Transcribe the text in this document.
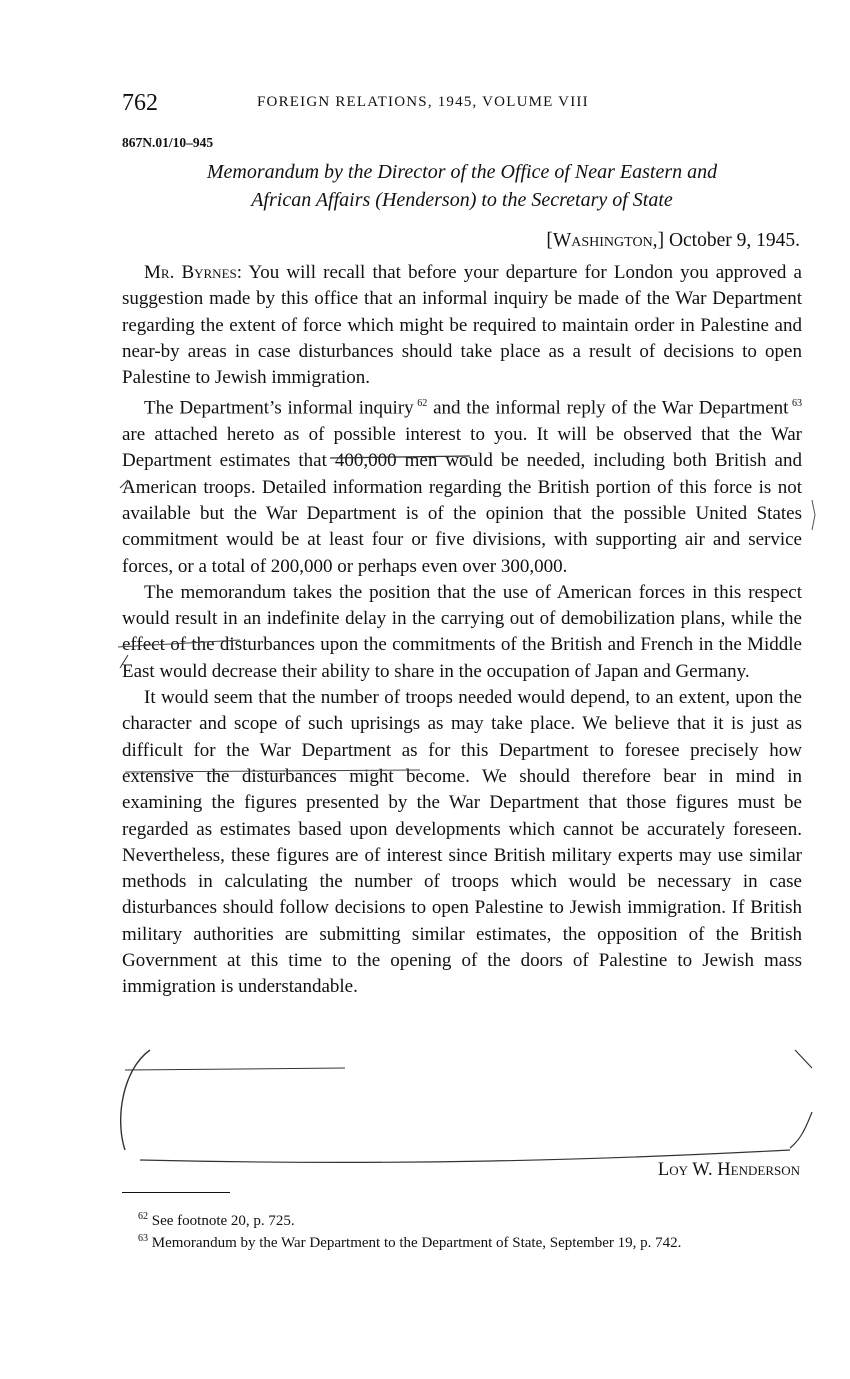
762	FOREIGN RELATIONS, 1945, VOLUME VIII
867N.01/10–945
Memorandum by the Director of the Office of Near Eastern and
African Affairs (Henderson) to the Secretary of State
[Washington,] October 9, 1945.

Mr. Byrnes: You will recall that before your departure for London you approved a suggestion made by this office that an informal inquiry be made of the War Department regarding the extent of force which might be required to maintain order in Palestine and near-by areas in case disturbances should take place as a result of decisions to open Palestine to Jewish immigration.

The Department’s informal inquiry $^{62}$ and the informal reply of the War Department $^{63}$ are attached hereto as of possible interest to you. It will be observed that the War Department estimates that 400,000 men would be needed, including both British and American troops. Detailed information regarding the British portion of this force is not available but the War Department is of the opinion that the possible United States commitment would be at least four or five divisions, with supporting air and service forces, or a total of 200,000 or perhaps even over 300,000.

The memorandum takes the position that the use of American forces in this respect would result in an indefinite delay in the carrying out of demobilization plans, while the effect of the disturbances upon the commitments of the British and French in the Middle East would decrease their ability to share in the occupation of Japan and Germany.

It would seem that the number of troops needed would depend, to an extent, upon the character and scope of such uprisings as may take place. We believe that it is just as difficult for the War Department as for this Department to foresee precisely how extensive the disturbances might become. We should therefore bear in mind in examining the figures presented by the War Department that those figures must be regarded as estimates based upon developments which cannot be accurately foreseen. Nevertheless, these figures are of interest since British military experts may use similar methods in calculating the number of troops which would be necessary in case disturbances should follow decisions to open Palestine to Jewish immigration. If British military authorities are submitting similar estimates, the opposition of the British Government at this time to the opening of the doors of Palestine to Jewish mass immigration is understandable.

Loy W. Henderson

$^{62}$ See footnote 20, p. 725.

$^{63}$ Memorandum by the War Department to the Department of State, September 19, p. 742.
